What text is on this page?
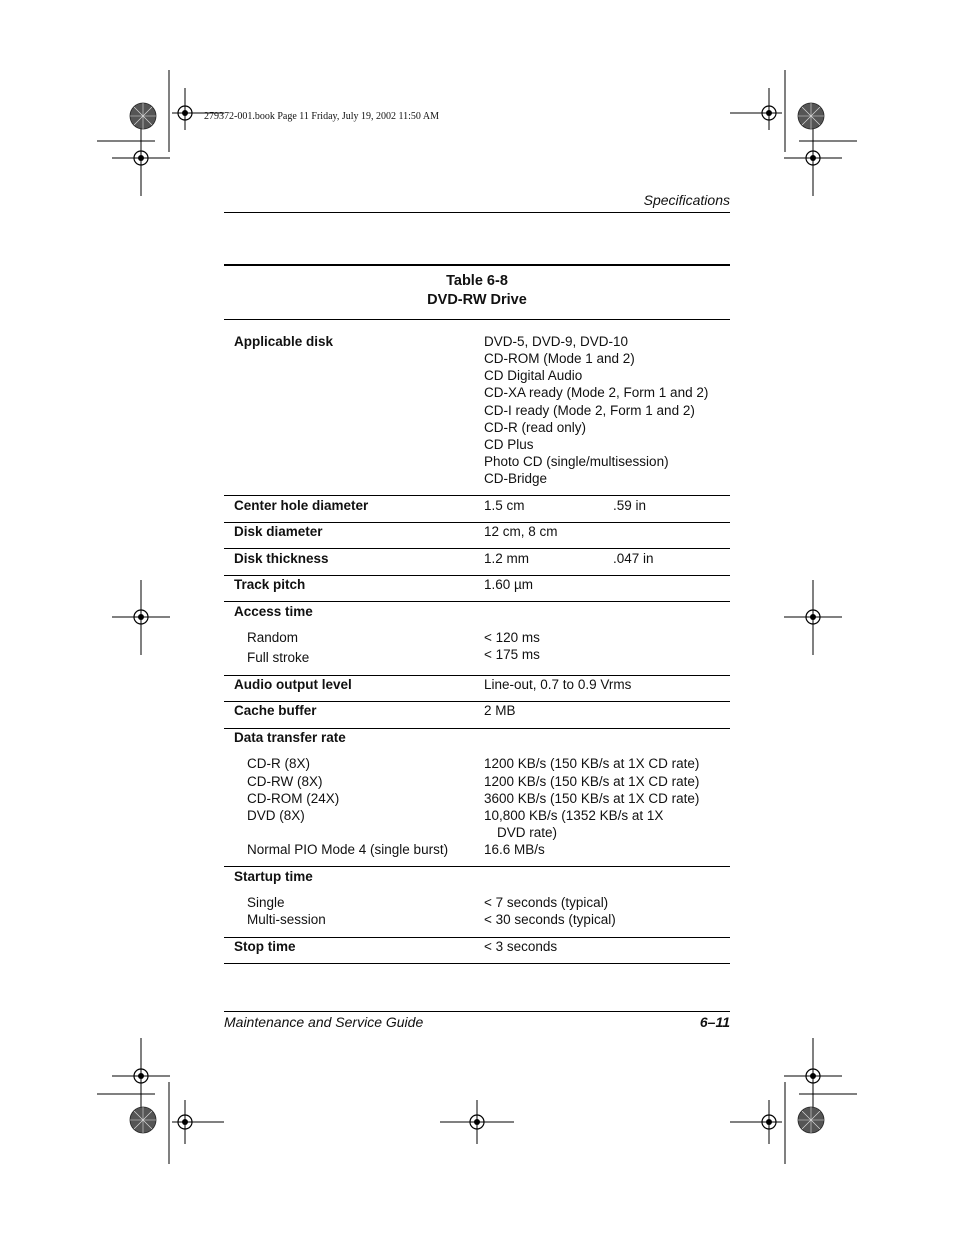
279372-001.book Page 11 Friday, July 19, 2002 11:50 AM
Specifications
Table 6-8
DVD-RW Drive
Applicable disk	DVD-5, DVD-9, DVD-10
CD-ROM (Mode 1 and 2)
CD Digital Audio
CD-XA ready (Mode 2, Form 1 and 2)
CD-I ready (Mode 2, Form 1 and 2)
CD-R (read only)
CD Plus
Photo CD (single/multisession)
CD-Bridge
Center hole diameter	1.5 cm	.59 in
Disk diameter	12 cm, 8 cm
Disk thickness	1.2 mm	.047 in
Track pitch	1.60 µm
Access time
Random	< 120 ms
Full stroke	< 175 ms
Audio output level	Line-out, 0.7 to 0.9 Vrms
Cache buffer	2 MB
Data transfer rate
CD-R (8X)	1200 KB/s (150 KB/s at 1X CD rate)
CD-RW (8X)	1200 KB/s (150 KB/s at 1X CD rate)
CD-ROM (24X)	3600 KB/s (150 KB/s at 1X CD rate)
DVD (8X)	10,800 KB/s (1352 KB/s at 1X
DVD rate)
Normal PIO Mode 4 (single burst)	16.6 MB/s
Startup time
Single	< 7 seconds (typical)
Multi-session	< 30 seconds (typical)
Stop time	< 3 seconds
Maintenance and Service Guide	6–11
